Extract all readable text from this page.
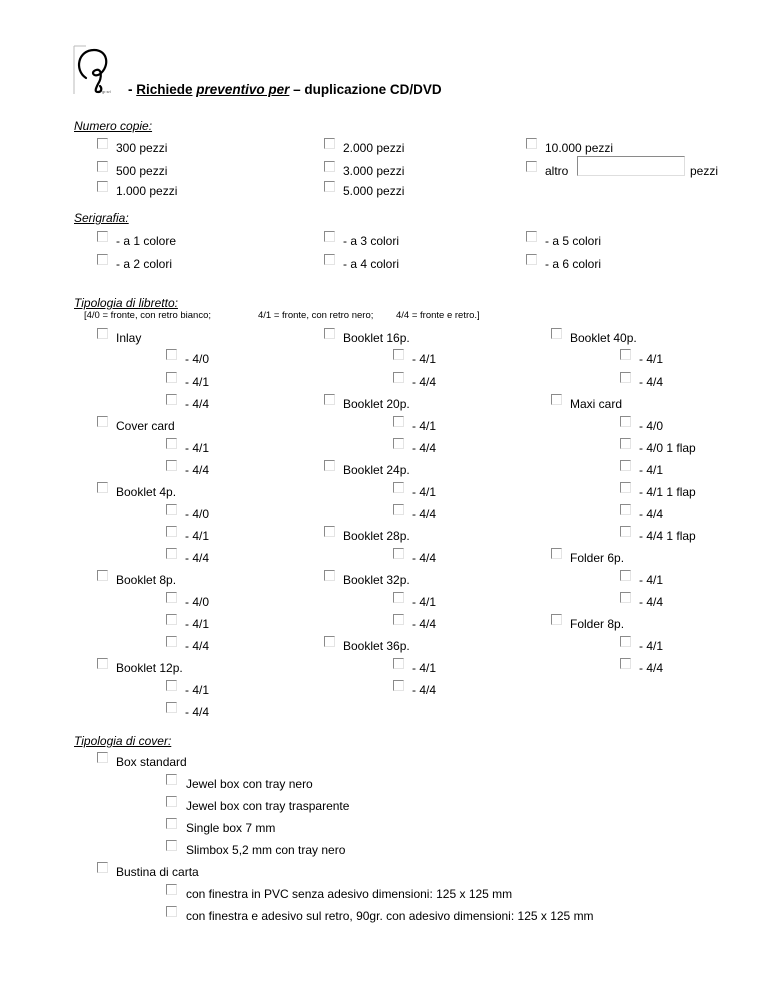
gr.srl - Richiede preventivo per – duplicazione CD/DVD
Numero copie:
300 pezzi
500 pezzi
1.000 pezzi
2.000 pezzi
3.000 pezzi
5.000 pezzi
10.000 pezzi
altro	pezzi
Serigrafia:
- a 1 colore
- a 2 colori
- a 3 colori
- a 4 colori
- a 5 colori
- a 6 colori
Tipologia di libretto:
[4/0 = fronte, con retro bianco;	4/1 = fronte, con retro nero; 4/4 = fronte e retro.]
Inlay
- 4/0
- 4/1
- 4/4
Cover card
- 4/1
- 4/4
Booklet 4p.
- 4/0
- 4/1
- 4/4
Booklet 8p.
- 4/0
- 4/1
- 4/4
Booklet 12p.
- 4/1
- 4/4
Booklet 16p.
- 4/1
- 4/4
Booklet 20p.
- 4/1
- 4/4
Booklet 24p.
- 4/1
- 4/4
Booklet 28p.
- 4/4
Booklet 32p.
- 4/1
- 4/4
Booklet 36p.
- 4/1
- 4/4
Booklet 40p.
- 4/1
- 4/4
Maxi card
- 4/0
- 4/0 1 flap
- 4/1
- 4/1 1 flap
- 4/4
- 4/4 1 flap
Folder 6p.
- 4/1
- 4/4
Folder 8p.
- 4/1
- 4/4
Tipologia di cover:
Box standard
Jewel box con tray nero
Jewel box con tray trasparente
Single box 7 mm
Slimbox 5,2 mm con tray nero
Bustina di carta
con finestra in PVC senza adesivo dimensioni: 125 x 125 mm
con finestra e adesivo sul retro, 90gr. con adesivo dimensioni: 125 x 125 mm
